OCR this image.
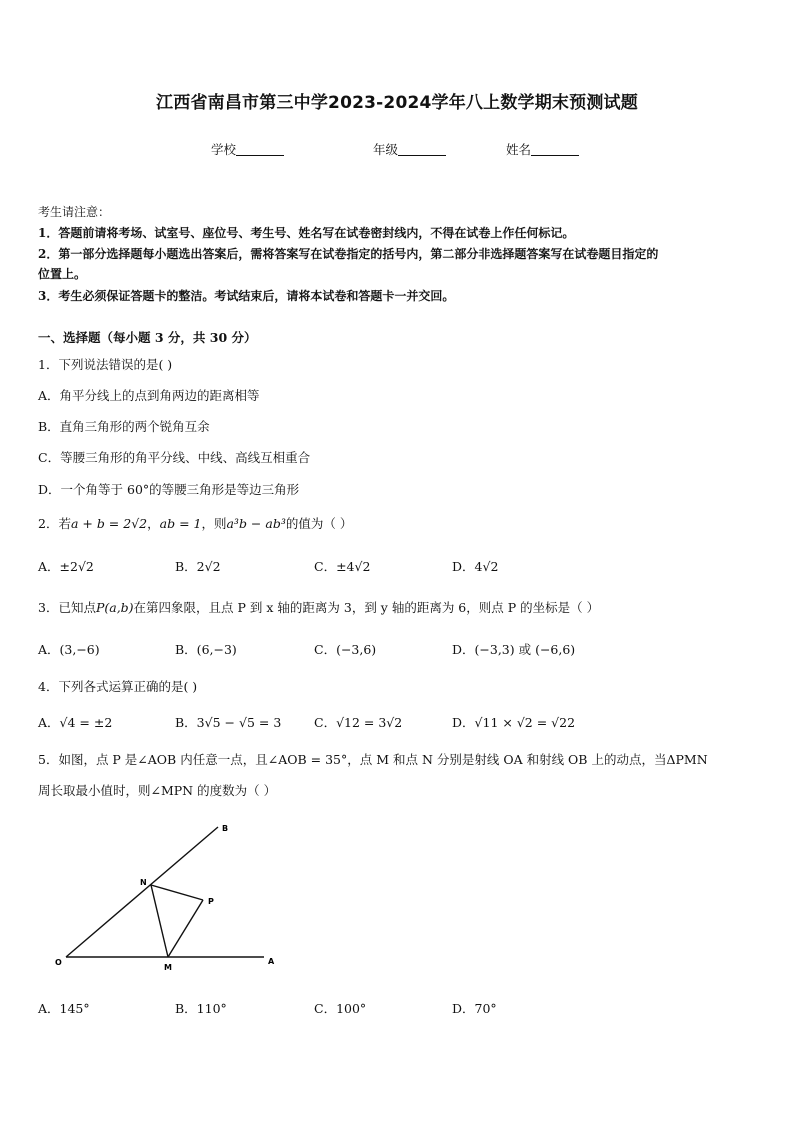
江西省南昌市第三中学2023-2024学年八上数学期末预测试题
学校	年级	姓名
考生请注意：
1．答题前请将考场、试室号、座位号、考生号、姓名写在试卷密封线内，不得在试卷上作任何标记。
2．第一部分选择题每小题选出答案后，需将答案写在试卷指定的括号内，第二部分非选择题答案写在试卷题目指定的
位置上。
3．考生必须保证答题卡的整洁。考试结束后，请将本试卷和答题卡一并交回。
一、选择题（每小题 3 分，共 30 分）
1．下列说法错误的是( )
A．角平分线上的点到角两边的距离相等
B．直角三角形的两个锐角互余
C．等腰三角形的角平分线、中线、高线互相重合
D．一个角等于 60°的等腰三角形是等边三角形
2．若a + b = 2√2，ab = 1，则a³b − ab³的值为（ ）
A．±2√2	B．2√2	C．±4√2	D．4√2
3．已知点P(a,b)在第四象限，且点 P 到 x 轴的距离为 3，到 y 轴的距离为 6，则点 P 的坐标是（ ）
A．(3,−6)	B．(6,−3)	C．(−3,6)	D．(−3,3) 或 (−6,6)
4．下列各式运算正确的是( )
A．√4 = ±2	B．3√5 − √5 = 3	C．√12 = 3√2	D．√11 × √2 = √22
5．如图，点 P 是∠AOB 内任意一点，且∠AOB = 35°，点 M 和点 N 分别是射线 OA 和射线 OB 上的动点，当ΔPMN
周长取最小值时，则∠MPN 的度数为（ ）
O	A
B
M
N
P
A．145°	B．110°	C．100°	D．70°
